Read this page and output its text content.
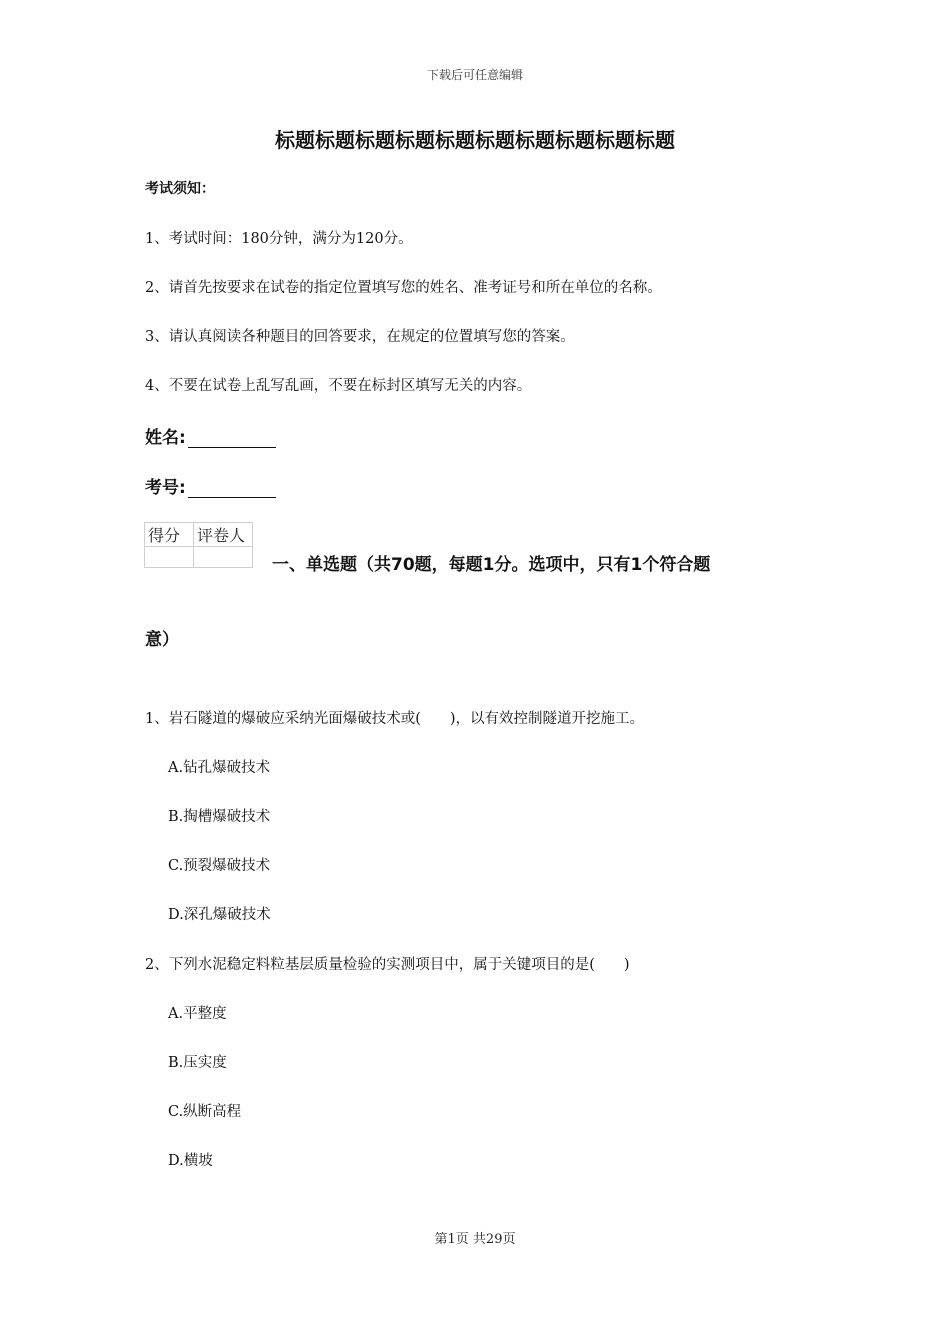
下载后可任意编辑
标题标题标题标题标题标题标题标题标题标题
考试须知：
1、考试时间：180分钟，满分为120分。
2、请首先按要求在试卷的指定位置填写您的姓名、准考证号和所在单位的名称。
3、请认真阅读各种题目的回答要求，在规定的位置填写您的答案。
4、不要在试卷上乱写乱画，不要在标封区填写无关的内容。
姓名:
考号:
得分	评卷人

一、单选题（共70题，每题1分。选项中，只有1个符合题
意）
1、岩石隧道的爆破应采纳光面爆破技术或(　　)，以有效控制隧道开挖施工。
A.钻孔爆破技术
B.掏槽爆破技术
C.预裂爆破技术
D.深孔爆破技术
2、下列水泥稳定料粒基层质量检验的实测项目中，属于关键项目的是(　　)
A.平整度
B.压实度
C.纵断高程
D.横坡
第1页 共29页
